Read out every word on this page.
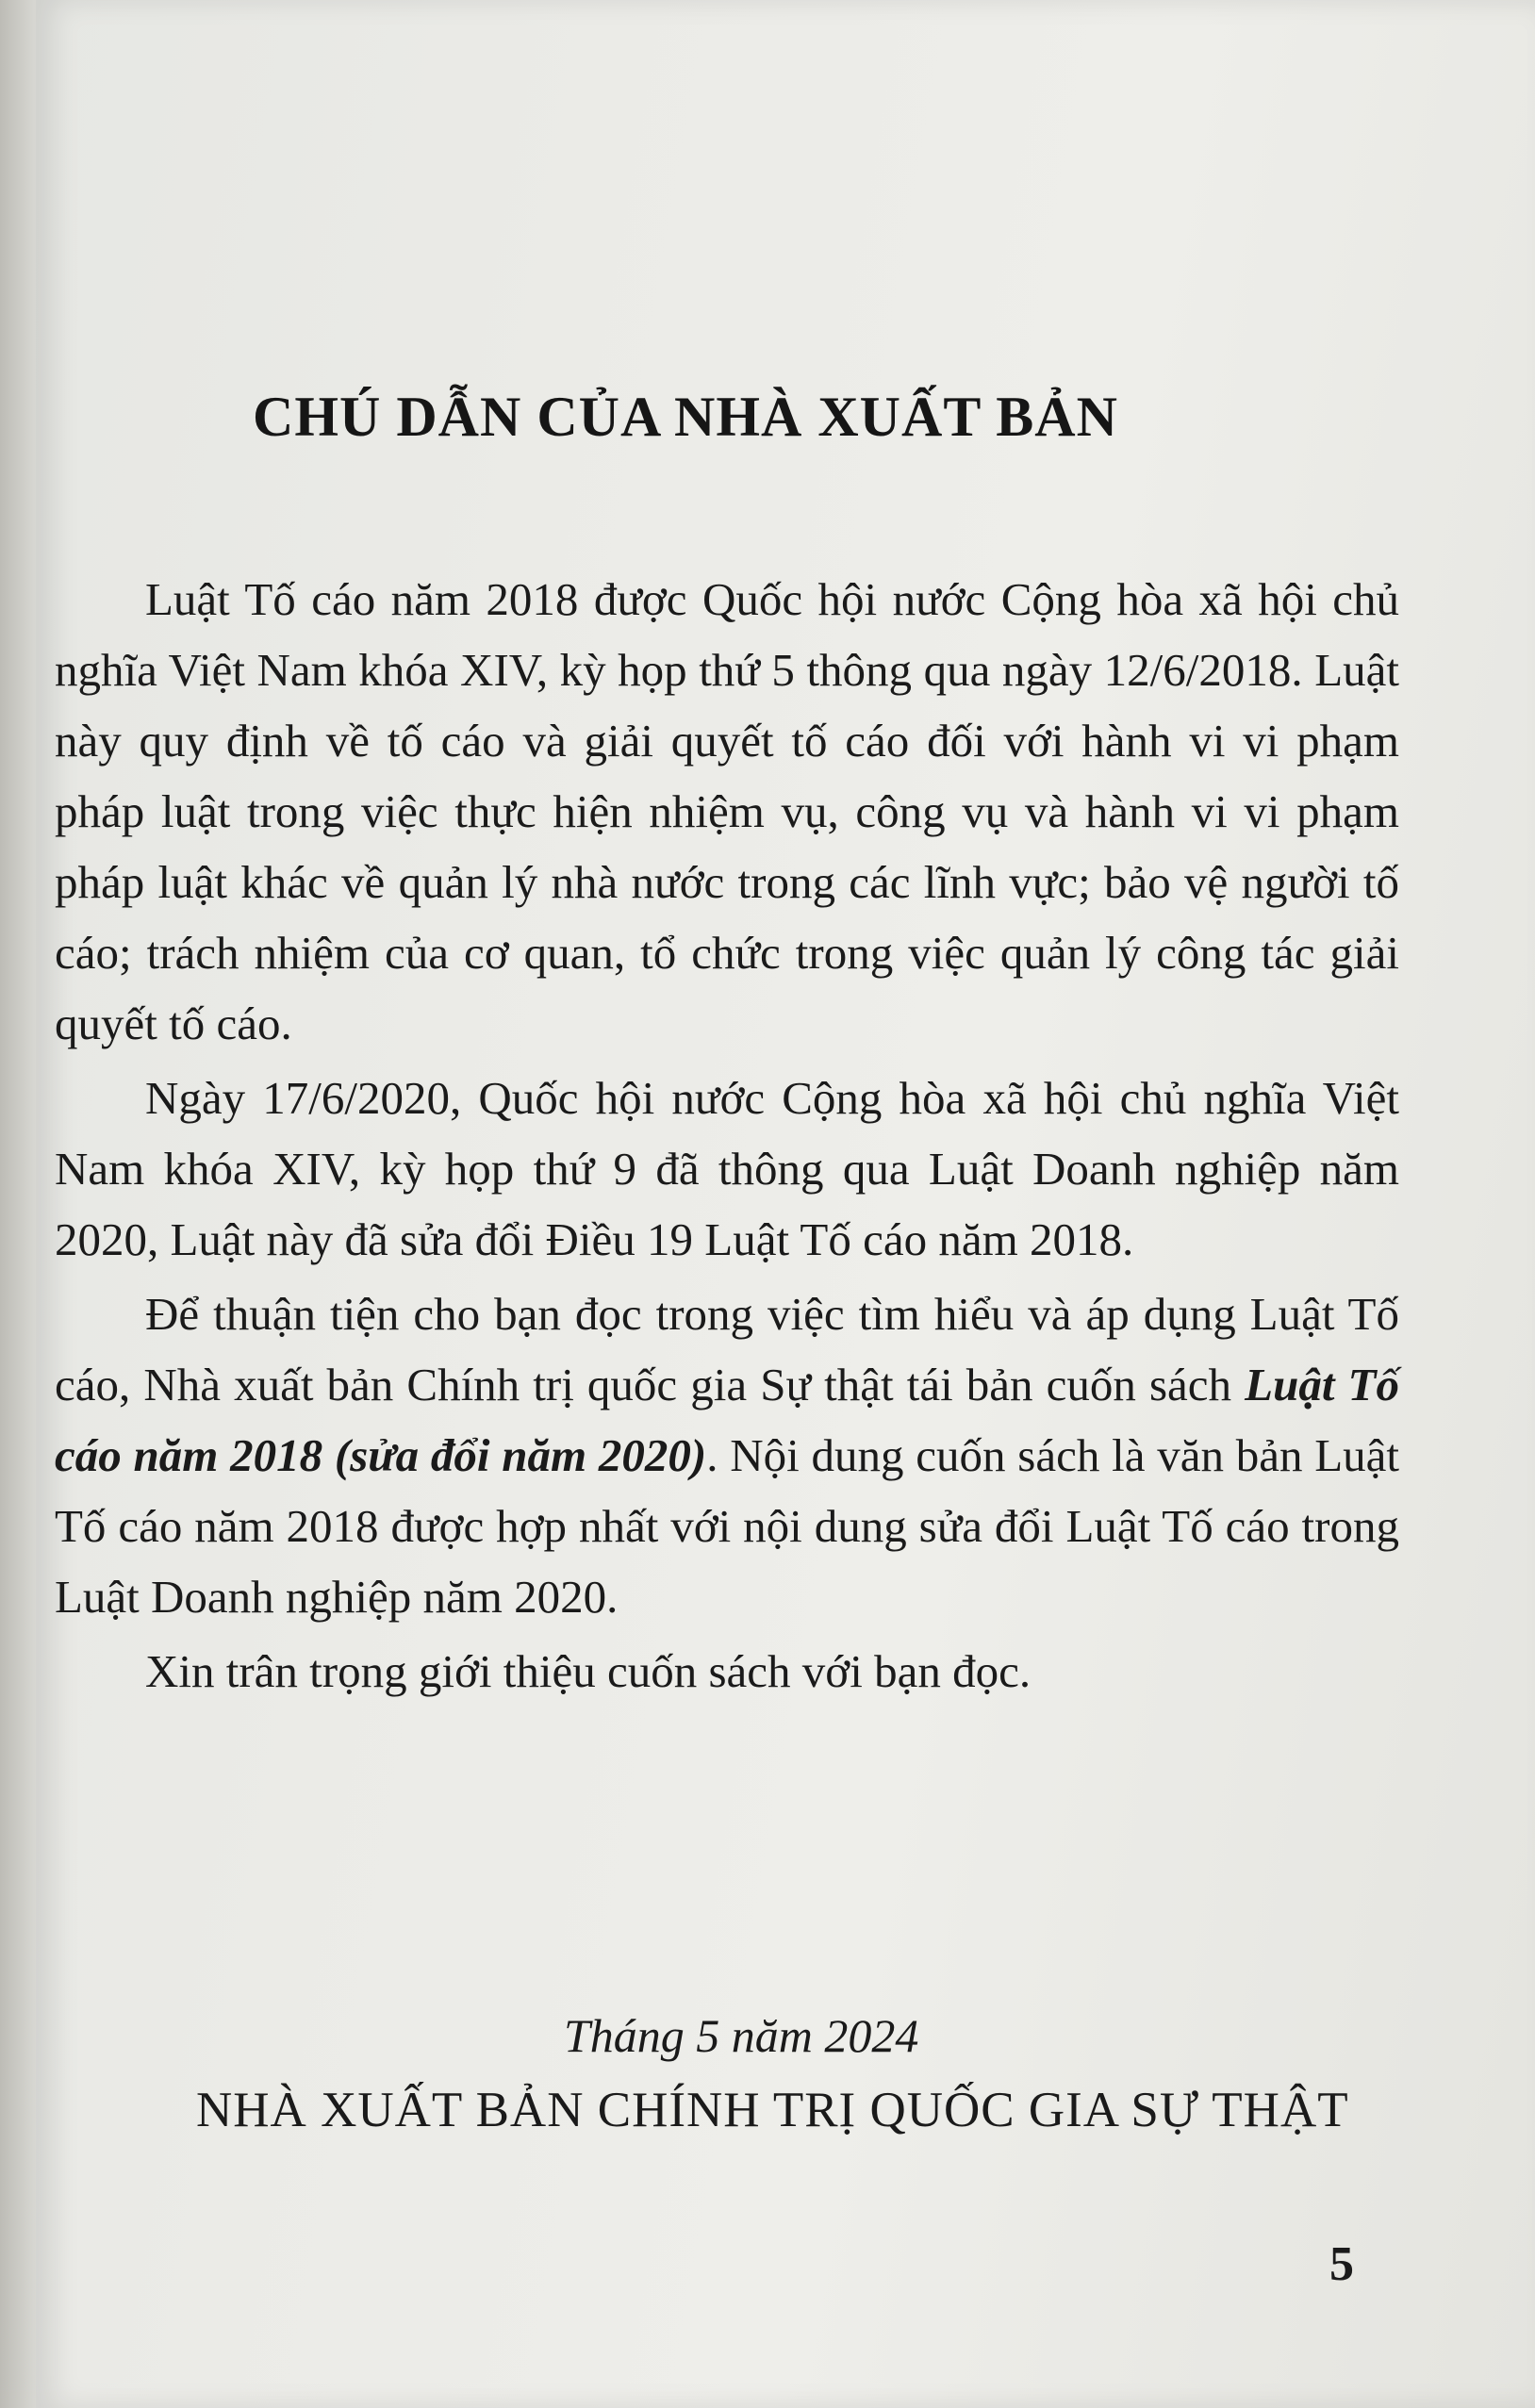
CHÚ DẪN CỦA NHÀ XUẤT BẢN

Luật Tố cáo năm 2018 được Quốc hội nước Cộng hòa xã hội chủ nghĩa Việt Nam khóa XIV, kỳ họp thứ 5 thông qua ngày 12/6/2018. Luật này quy định về tố cáo và giải quyết tố cáo đối với hành vi vi phạm pháp luật trong việc thực hiện nhiệm vụ, công vụ và hành vi vi phạm pháp luật khác về quản lý nhà nước trong các lĩnh vực; bảo vệ người tố cáo; trách nhiệm của cơ quan, tổ chức trong việc quản lý công tác giải quyết tố cáo.

Ngày 17/6/2020, Quốc hội nước Cộng hòa xã hội chủ nghĩa Việt Nam khóa XIV, kỳ họp thứ 9 đã thông qua Luật Doanh nghiệp năm 2020, Luật này đã sửa đổi Điều 19 Luật Tố cáo năm 2018.

Để thuận tiện cho bạn đọc trong việc tìm hiểu và áp dụng Luật Tố cáo, Nhà xuất bản Chính trị quốc gia Sự thật tái bản cuốn sách Luật Tố cáo năm 2018 (sửa đổi năm 2020). Nội dung cuốn sách là văn bản Luật Tố cáo năm 2018 được hợp nhất với nội dung sửa đổi Luật Tố cáo trong Luật Doanh nghiệp năm 2020.

Xin trân trọng giới thiệu cuốn sách với bạn đọc.

Tháng 5 năm 2024
NHÀ XUẤT BẢN CHÍNH TRỊ QUỐC GIA SỰ THẬT
5
